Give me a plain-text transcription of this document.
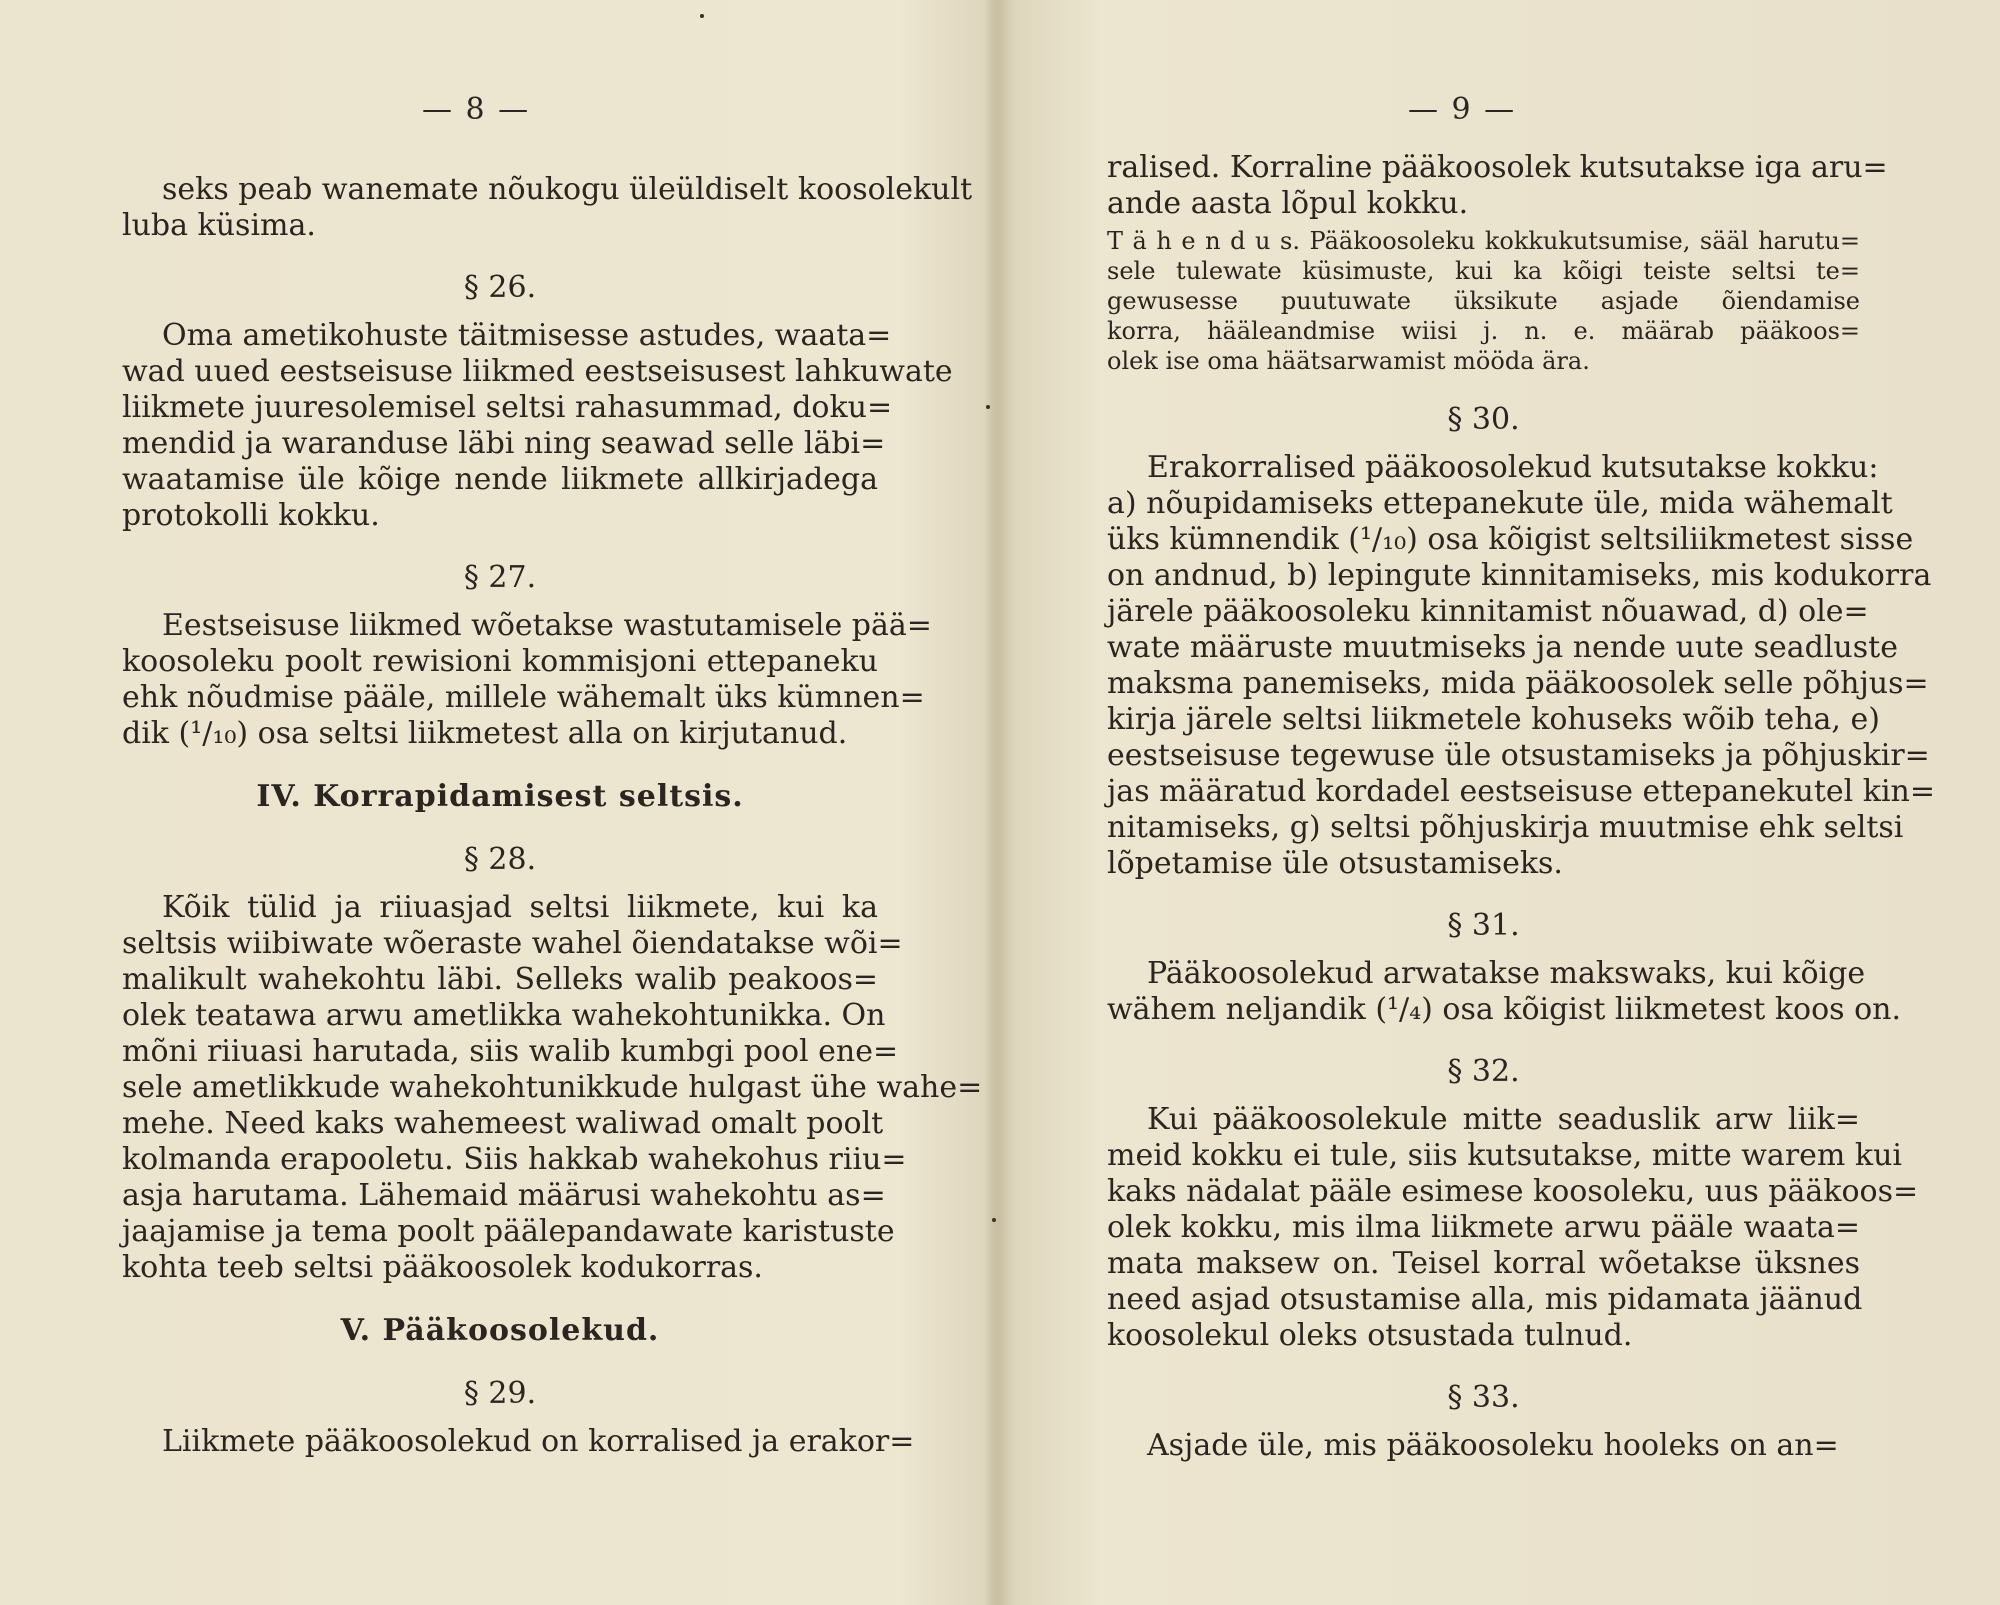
— 8 —
seks peab wanemate nõukogu üleüldiselt koosolekult
luba küsima.
§ 26.
Oma ametikohuste täitmisesse astudes, waata=
wad uued eestseisuse liikmed eestseisusest lahkuwate
liikmete juuresolemisel seltsi rahasummad, doku=
mendid ja waranduse läbi ning seawad selle läbi=
waatamise üle kõige nende liikmete allkirjadega
protokolli kokku.
§ 27.
Eestseisuse liikmed wõetakse wastutamisele pää=
koosoleku poolt rewisioni kommisjoni ettepaneku
ehk nõudmise pääle, millele wähemalt üks kümnen=
dik (¹/₁₀) osa seltsi liikmetest alla on kirjutanud.
IV. Korrapidamisest seltsis.
§ 28.
Kõik tülid ja riiuasjad seltsi liikmete, kui ka
seltsis wiibiwate wõeraste wahel õiendatakse wõi=
malikult wahekohtu läbi. Selleks walib peakoos=
olek teatawa arwu ametlikka wahekohtunikka. On
mõni riiuasi harutada, siis walib kumbgi pool ene=
sele ametlikkude wahekohtunikkude hulgast ühe wahe=
mehe. Need kaks wahemeest waliwad omalt poolt
kolmanda erapooletu. Siis hakkab wahekohus riiu=
asja harutama. Lähemaid määrusi wahekohtu as=
jaajamise ja tema poolt päälepandawate karistuste
kohta teeb seltsi pääkoosolek kodukorras.
V. Pääkoosolekud.
§ 29.
Liikmete pääkoosolekud on korralised ja erakor=
— 9 —
ralised. Korraline pääkoosolek kutsutakse iga aru=
ande aasta lõpul kokku.
T ä h e n d u s. Pääkoosoleku kokkukutsumise, sääl harutu=
sele tulewate küsimuste, kui ka kõigi teiste seltsi te=
gewusesse puutuwate üksikute asjade õiendamise
korra, hääleandmise wiisi j. n. e. määrab pääkoos=
olek ise oma häätsarwamist mööda ära.
§ 30.
Erakorralised pääkoosolekud kutsutakse kokku:
a) nõupidamiseks ettepanekute üle, mida wähemalt
üks kümnendik (¹/₁₀) osa kõigist seltsiliikmetest sisse
on andnud, b) lepingute kinnitamiseks, mis koduk​orra
järele pääkoosoleku kinnitamist nõuawad, d) ole=
wate määruste muutmiseks ja nende uute seadluste
maksma panemiseks, mida pääkoosolek selle põhjus=
kirja järele seltsi liikmetele kohuseks wõib teha, e)
eestseisuse tegewuse üle otsustamiseks ja põhjuskir=
jas määratud kordadel eestseisuse ettepanekutel kin=
nitamiseks, g) seltsi põhjuskirja muutmise ehk seltsi
lõpetamise üle otsustamiseks.
§ 31.
Pääkoosolekud arwatakse makswaks, kui kõige
wähem neljandik (¹/₄) osa kõigist liikmetest koos on.
§ 32.
Kui pääkoosolekule mitte seaduslik arw liik=
meid kokku ei tule, siis kutsutakse, mitte warem kui
kaks nädalat pääle esimese koosoleku, uus pääkoos=
olek kokku, mis ilma liikmete arwu pääle waata=
mata maksew on. Teisel korral wõetakse üksnes
need asjad otsustamise alla, mis pidamata jäänud
koosolekul oleks otsustada tulnud.
§ 33.
Asjade üle, mis pääkoosoleku hooleks on an=
